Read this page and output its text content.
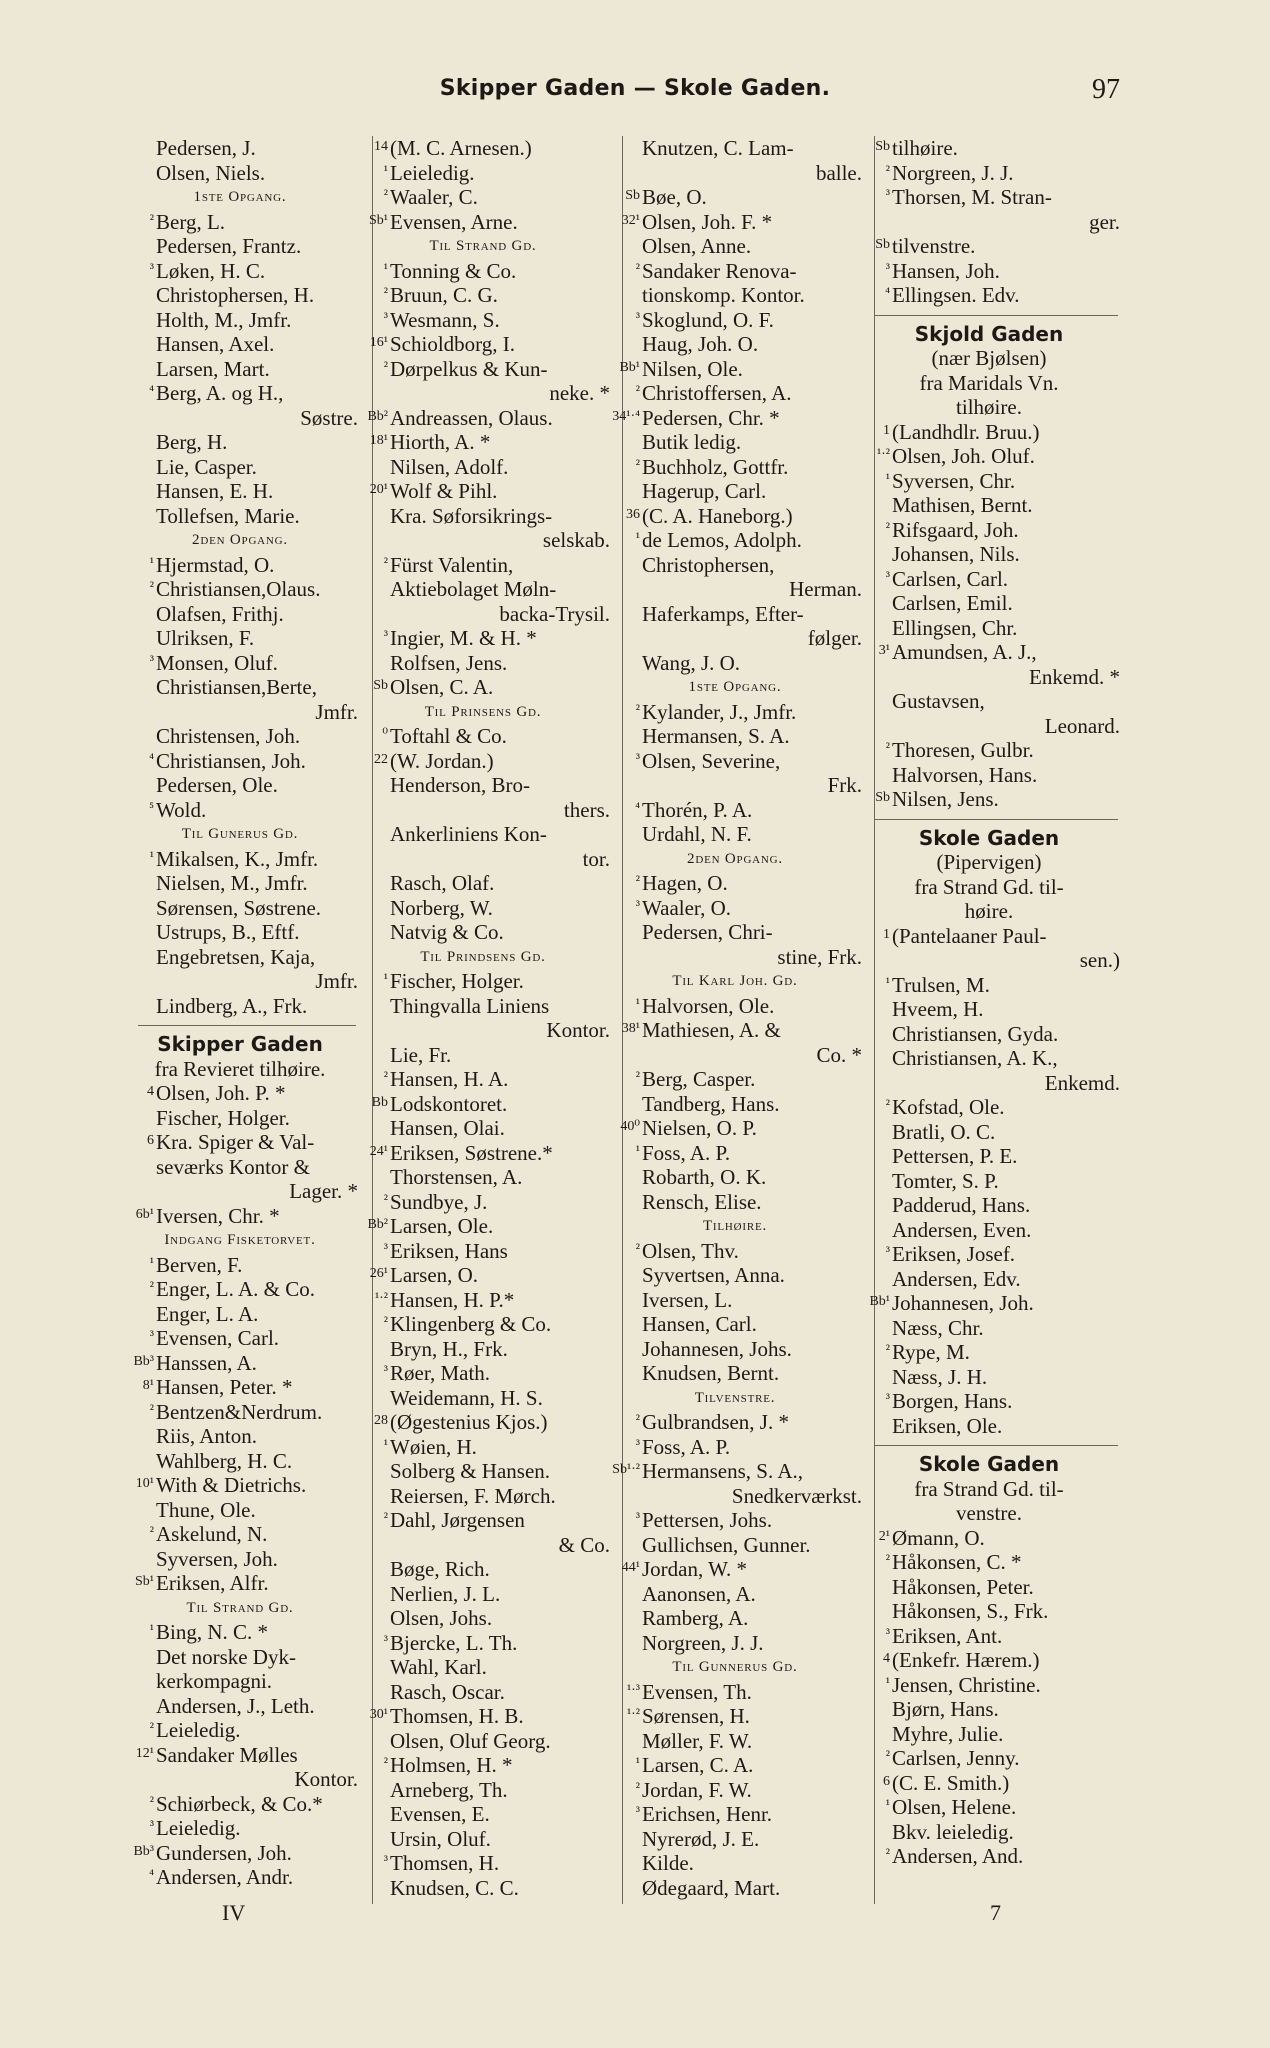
Skipper Gaden — Skole Gaden.	97
Pedersen, J.
Olsen, Niels.
1ste Opgang.
²Berg, L.
Pedersen, Frantz.
³Løken, H. C.
Christophersen, H.
Holth, M., Jmfr.
Hansen, Axel.
Larsen, Mart.
⁴Berg, A. og H.,
Søstre.
Berg, H.
Lie, Casper.
Hansen, E. H.
Tollefsen, Marie.
2den Opgang.
¹Hjermstad, O.
²Christiansen,Olaus.
Olafsen, Frithj.
Ulriksen, F.
³Monsen, Oluf.
Christiansen,Berte,
Jmfr.
Christensen, Joh.
⁴Christiansen, Joh.
Pedersen, Ole.
⁵Wold.
Til Gunerus Gd.
¹Mikalsen, K., Jmfr.
Nielsen, M., Jmfr.
Sørensen, Søstrene.
Ustrups, B., Eftf.
Engebretsen, Kaja,
Jmfr.
Lindberg, A., Frk.
Skipper Gaden
fra Revieret tilhøire.
4Olsen, Joh. P. *
Fischer, Holger.
6Kra. Spiger & Val-
seværks Kontor &
Lager. *
6b¹Iversen, Chr. *
Indgang Fisketorvet.
¹Berven, F.
²Enger, L. A. & Co.
Enger, L. A.
³Evensen, Carl.
Bb³Hanssen, A.
8¹Hansen, Peter. *
²Bentzen&Nerdrum.
Riis, Anton.
Wahlberg, H. C.
10¹With & Dietrichs.
Thune, Ole.
²Askelund, N.
Syversen, Joh.
Sb¹Eriksen, Alfr.
Til Strand Gd.
¹Bing, N. C. *
Det norske Dyk-
kerkompagni.
Andersen, J., Leth.
²Leieledig.
12¹Sandaker Mølles
Kontor.
²Schiørbeck, & Co.*
³Leieledig.
Bb³Gundersen, Joh.
⁴Andersen, Andr.
14(M. C. Arnesen.)
¹Leieledig.
²Waaler, C.
Sb¹Evensen, Arne.
Til Strand Gd.
¹Tonning & Co.
²Bruun, C. G.
³Wesmann, S.
16¹Schioldborg, I.
²Dørpelkus & Kun-
neke. *
Bb²Andreassen, Olaus.
18¹Hiorth, A. *
Nilsen, Adolf.
20¹Wolf & Pihl.
Kra. Søforsikrings-
selskab.
²Fürst Valentin,
Aktiebolaget Møln-
backa-Trysil.
³Ingier, M. & H. *
Rolfsen, Jens.
SbOlsen, C. A.
Til Prinsens Gd.
⁰Toftahl & Co.
22(W. Jordan.)
Henderson, Bro-
thers.
Ankerliniens Kon-
tor.
Rasch, Olaf.
Norberg, W.
Natvig & Co.
Til Prindsens Gd.
¹Fischer, Holger.
Thingvalla Liniens
Kontor.
Lie, Fr.
²Hansen, H. A.
BbLodskontoret.
Hansen, Olai.
24¹Eriksen, Søstrene.*
Thorstensen, A.
²Sundbye, J.
Bb²Larsen, Ole.
³Eriksen, Hans
26¹Larsen, O.
¹·²Hansen, H. P.*
²Klingenberg & Co.
Bryn, H., Frk.
³Røer, Math.
Weidemann, H. S.
28(Øgestenius Kjos.)
¹Wøien, H.
Solberg & Hansen.
Reiersen, F. Mørch.
²Dahl, Jørgensen
& Co.
Bøge, Rich.
Nerlien, J. L.
Olsen, Johs.
³Bjercke, L. Th.
Wahl, Karl.
Rasch, Oscar.
30¹Thomsen, H. B.
Olsen, Oluf Georg.
²Holmsen, H. *
Arneberg, Th.
Evensen, E.
Ursin, Oluf.
³Thomsen, H.
Knudsen, C. C.
Knutzen, C. Lam-
balle.
SbBøe, O.
32¹Olsen, Joh. F. *
Olsen, Anne.
²Sandaker Renova-
tionskomp. Kontor.
³Skoglund, O. F.
Haug, Joh. O.
Bb¹Nilsen, Ole.
²Christoffersen, A.
34¹·⁴Pedersen, Chr. *
Butik ledig.
²Buchholz, Gottfr.
Hagerup, Carl.
36(C. A. Haneborg.)
¹de Lemos, Adolph.
Christophersen,
Herman.
Haferkamps, Efter-
følger.
Wang, J. O.
1ste Opgang.
²Kylander, J., Jmfr.
Hermansen, S. A.
³Olsen, Severine,
Frk.
⁴Thorén, P. A.
Urdahl, N. F.
2den Opgang.
²Hagen, O.
³Waaler, O.
Pedersen, Chri-
stine, Frk.
Til Karl Joh. Gd.
¹Halvorsen, Ole.
38¹Mathiesen, A. &
Co. *
²Berg, Casper.
Tandberg, Hans.
40⁰Nielsen, O. P.
¹Foss, A. P.
Robarth, O. K.
Rensch, Elise.
Tilhøire.
²Olsen, Thv.
Syvertsen, Anna.
Iversen, L.
Hansen, Carl.
Johannesen, Johs.
Knudsen, Bernt.
Tilvenstre.
²Gulbrandsen, J. *
³Foss, A. P.
Sb¹·²Hermansens, S. A.,
Snedkerværkst.
³Pettersen, Johs.
Gullichsen, Gunner.
44¹Jordan, W. *
Aanonsen, A.
Ramberg, A.
Norgreen, J. J.
Til Gunnerus Gd.
¹·³Evensen, Th.
¹·²Sørensen, H.
Møller, F. W.
¹Larsen, C. A.
²Jordan, F. W.
³Erichsen, Henr.
Nyrerød, J. E.
Kilde.
Ødegaard, Mart.
Sbtilhøire.
²Norgreen, J. J.
³Thorsen, M. Stran-
ger.
Sbtilvenstre.
³Hansen, Joh.
⁴Ellingsen. Edv.
Skjold Gaden
(nær Bjølsen)
fra Maridals Vn.
tilhøire.
1(Landhdlr. Bruu.)
¹·²Olsen, Joh. Oluf.
¹Syversen, Chr.
Mathisen, Bernt.
²Rifsgaard, Joh.
Johansen, Nils.
³Carlsen, Carl.
Carlsen, Emil.
Ellingsen, Chr.
3¹Amundsen, A. J.,
Enkemd. *
Gustavsen,
Leonard.
²Thoresen, Gulbr.
Halvorsen, Hans.
SbNilsen, Jens.
Skole Gaden
(Pipervigen)
fra Strand Gd. til-
høire.
1(Pantelaaner Paul-
sen.)
¹Trulsen, M.
Hveem, H.
Christiansen, Gyda.
Christiansen, A. K.,
Enkemd.
²Kofstad, Ole.
Bratli, O. C.
Pettersen, P. E.
Tomter, S. P.
Padderud, Hans.
Andersen, Even.
³Eriksen, Josef.
Andersen, Edv.
Bb¹Johannesen, Joh.
Næss, Chr.
²Rype, M.
Næss, J. H.
³Borgen, Hans.
Eriksen, Ole.
Skole Gaden
fra Strand Gd. til-
venstre.
2¹Ømann, O.
²Håkonsen, C. *
Håkonsen, Peter.
Håkonsen, S., Frk.
³Eriksen, Ant.
4(Enkefr. Hærem.)
¹Jensen, Christine.
Bjørn, Hans.
Myhre, Julie.
²Carlsen, Jenny.
6(C. E. Smith.)
¹Olsen, Helene.
Bkv. leieledig.
²Andersen, And.
IV	7
